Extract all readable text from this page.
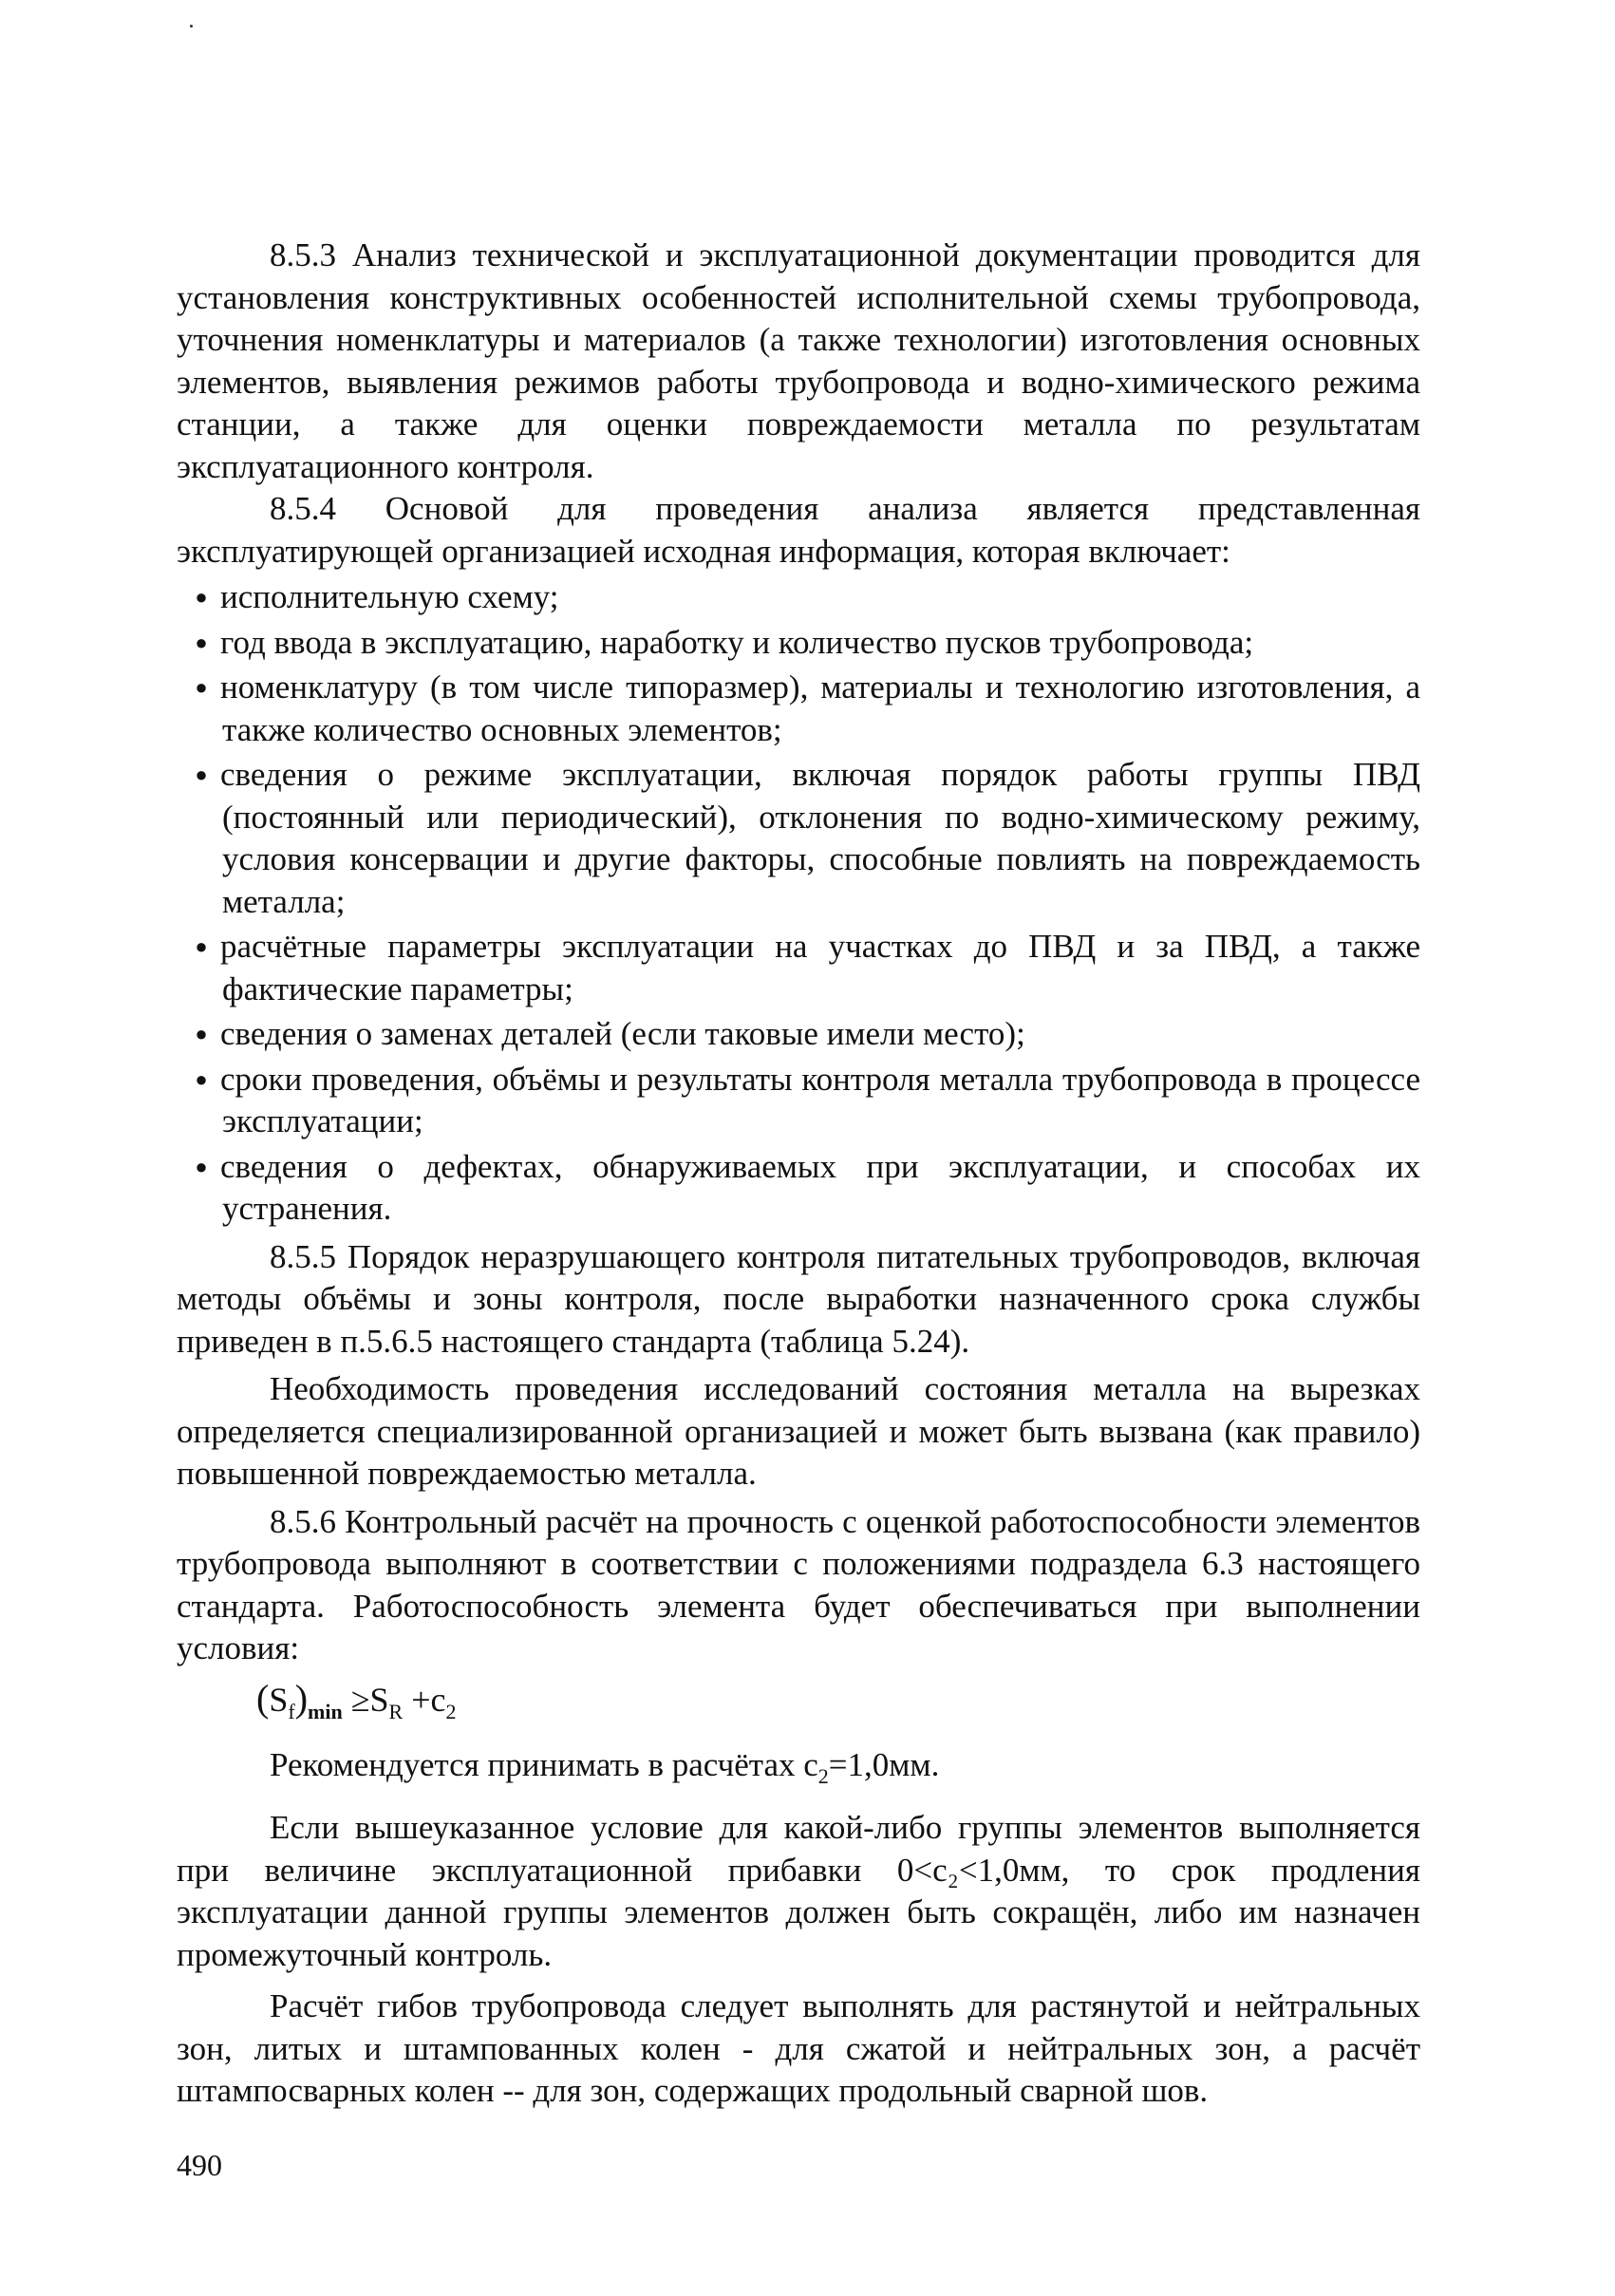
8.5.3 Анализ технической и эксплуатационной документации проводится для установления конструктивных особенностей исполнительной схемы трубопровода, уточнения номенклатуры и материалов (а также технологии) изготовления основных элементов, выявления режимов работы трубопровода и водно-химического режима станции, а также для оценки повреждаемости металла по результатам эксплуатационного контроля.

8.5.4 Основой для проведения анализа является представленная эксплуатирующей организацией исходная информация, которая включает:

● исполнительную схему;
● год ввода в эксплуатацию, наработку и количество пусков трубопровода;
● номенклатуру (в том числе типоразмер), материалы и технологию изготовления, а также количество основных элементов;
● сведения о режиме эксплуатации, включая порядок работы группы ПВД (постоянный или периодический), отклонения по водно-химическому режиму, условия консервации и другие факторы, способные повлиять на повреждаемость металла;
● расчётные параметры эксплуатации на участках до ПВД и за ПВД, а также фактические параметры;
● сведения о заменах деталей (если таковые имели место);
● сроки проведения, объёмы и результаты контроля металла трубопровода в процессе эксплуатации;
● сведения о дефектах, обнаруживаемых при эксплуатации, и способах их устранения.

8.5.5 Порядок неразрушающего контроля питательных трубопроводов, включая методы объёмы и зоны контроля, после выработки назначенного срока службы приведен в п.5.6.5 настоящего стандарта (таблица 5.24).

Необходимость проведения исследований состояния металла на вырезках определяется специализированной организацией и может быть вызвана (как правило) повышенной повреждаемостью металла.

8.5.6 Контрольный расчёт на прочность с оценкой работоспособности элементов трубопровода выполняют в соответствии с положениями подраздела 6.3 настоящего стандарта. Работоспособность элемента будет обеспечиваться при выполнении условия:

$(S_f)_{min} \ge S_R +c_2$

Рекомендуется принимать в расчётах $c_2=1,0мм$.

Если вышеуказанное условие для какой-либо группы элементов выполняется при величине эксплуатационной прибавки 0<c₂<1,0мм, то срок продления эксплуатации данной группы элементов должен быть сокращён, либо им назначен промежуточный контроль.

Расчёт гибов трубопровода следует выполнять для растянутой и нейтральных зон, литых и штампованных колен - для сжатой и нейтральных зон, а расчёт штампосварных колен -- для зон, содержащих продольный сварной шов.

490
